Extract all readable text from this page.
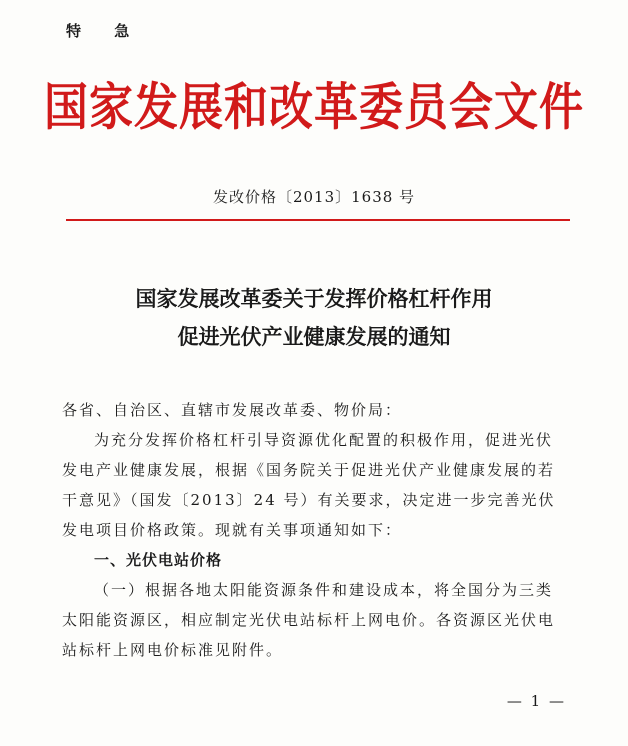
特 急
国家发展和改革委员会文件
发改价格〔2013〕1638 号
国家发展改革委关于发挥价格杠杆作用
促进光伏产业健康发展的通知

各省、自治区、直辖市发展改革委、物价局：

为充分发挥价格杠杆引导资源优化配置的积极作用，促进光伏发电产业健康发展，根据《国务院关于促进光伏产业健康发展的若干意见》（国发〔2013〕24 号）有关要求，决定进一步完善光伏发电项目价格政策。现就有关事项通知如下：

一、光伏电站价格

（一）根据各地太阳能资源条件和建设成本，将全国分为三类太阳能资源区，相应制定光伏电站标杆上网电价。各资源区光伏电站标杆上网电价标准见附件。

— 1 —
